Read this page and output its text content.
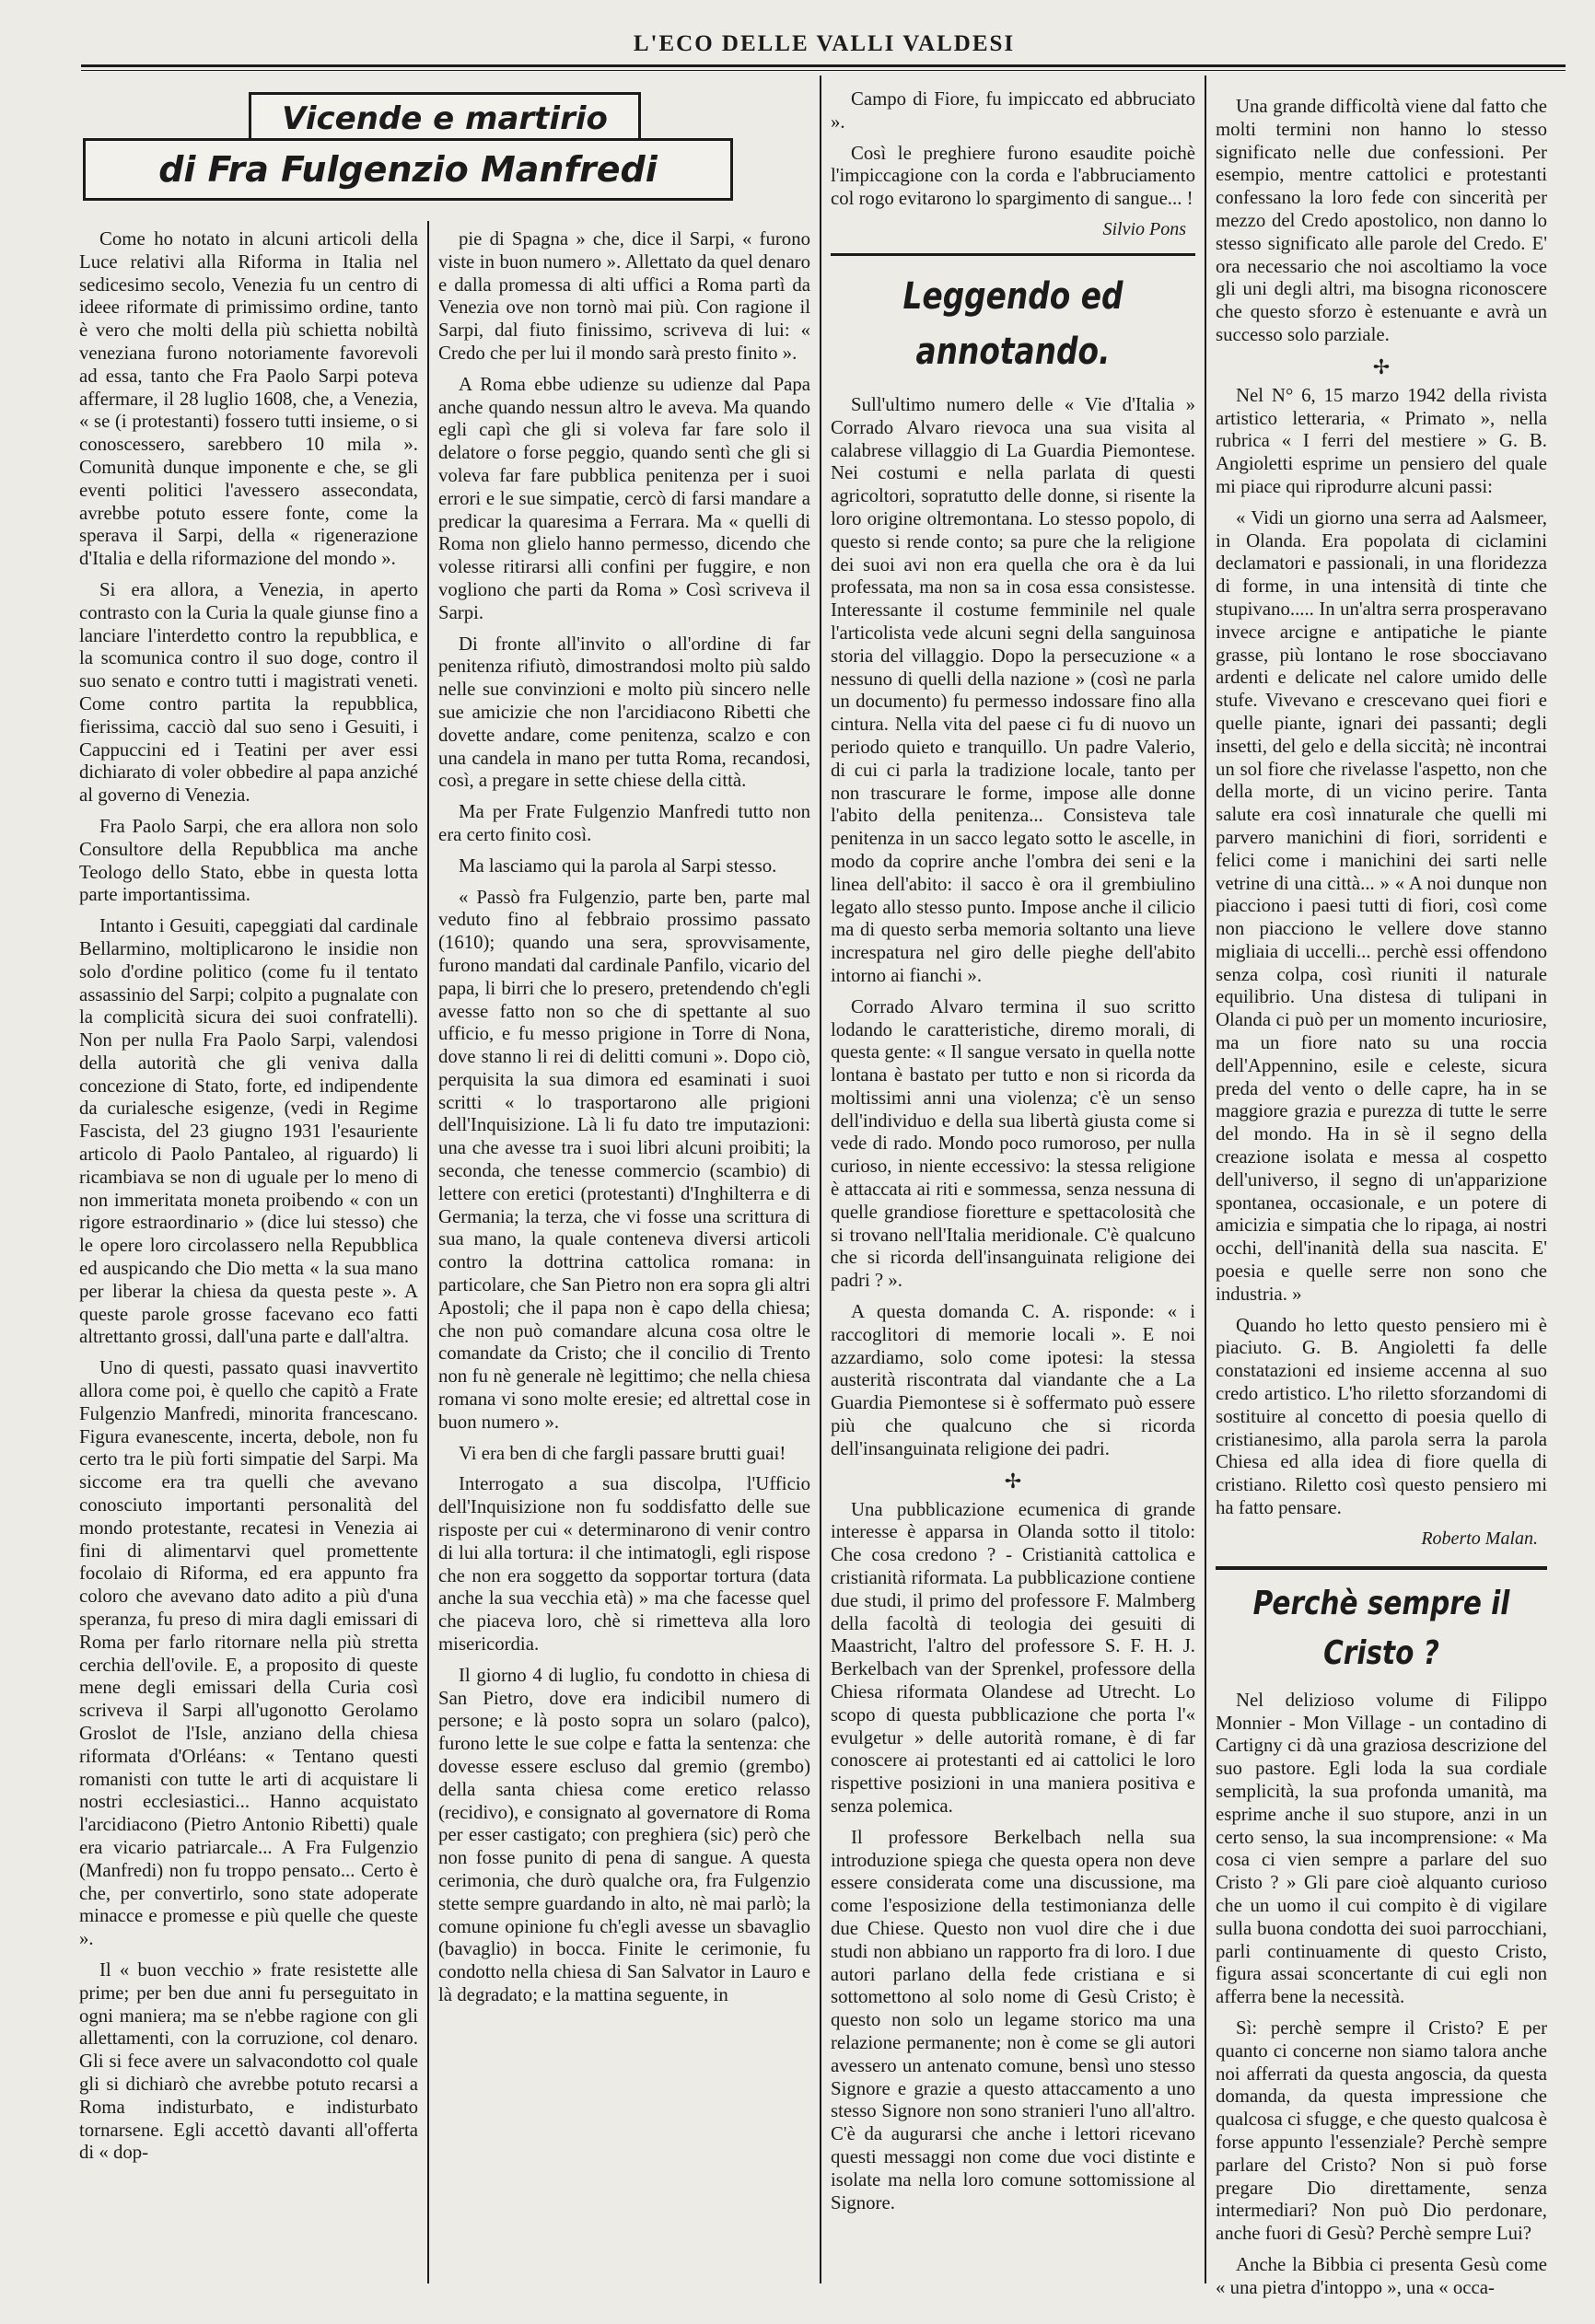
L'ECO DELLE VALLI VALDESI
Vicende e martirio
di Fra Fulgenzio Manfredi

Come ho notato in alcuni articoli della Luce relativi alla Riforma in Italia nel sedicesimo secolo, Venezia fu un centro di ideee riformate di primissimo ordine, tanto è vero che molti della più schietta nobiltà veneziana furono notoriamente favorevoli ad essa, tanto che Fra Paolo Sarpi poteva affermare, il 28 luglio 1608, che, a Venezia, « se (i protestanti) fossero tutti insieme, o si conoscessero, sarebbero 10 mila ». Comunità dunque imponente e che, se gli eventi politici l'avessero assecondata, avrebbe potuto essere fonte, come la sperava il Sarpi, della « rigenerazione d'Italia e della riformazione del mondo ».

Si era allora, a Venezia, in aperto contrasto con la Curia la quale giunse fino a lanciare l'interdetto contro la repubblica, e la scomunica contro il suo doge, contro il suo senato e contro tutti i magistrati veneti. Come contro partita la repubblica, fierissima, cacciò dal suo seno i Gesuiti, i Cappuccini ed i Teatini per aver essi dichiarato di voler obbedire al papa anziché al governo di Venezia.

Fra Paolo Sarpi, che era allora non solo Consultore della Repubblica ma anche Teologo dello Stato, ebbe in questa lotta parte importantissima.

Intanto i Gesuiti, capeggiati dal cardinale Bellarmino, moltiplicarono le insidie non solo d'ordine politico (come fu il tentato assassinio del Sarpi; colpito a pugnalate con la complicità sicura dei suoi confratelli). Non per nulla Fra Paolo Sarpi, valendosi della autorità che gli veniva dalla concezione di Stato, forte, ed indipendente da curialesche esigenze, (vedi in Regime Fascista, del 23 giugno 1931 l'esauriente articolo di Paolo Pantaleo, al riguardo) li ricambiava se non di uguale per lo meno di non immeritata moneta proibendo « con un rigore estraordinario » (dice lui stesso) che le opere loro circolassero nella Repubblica ed auspicando che Dio metta « la sua mano per liberar la chiesa da questa peste ». A queste parole grosse facevano eco fatti altrettanto grossi, dall'una parte e dall'altra.

Uno di questi, passato quasi inavvertito allora come poi, è quello che capitò a Frate Fulgenzio Manfredi, minorita francescano. Figura evanescente, incerta, debole, non fu certo tra le più forti simpatie del Sarpi. Ma siccome era tra quelli che avevano conosciuto importanti personalità del mondo protestante, recatesi in Venezia ai fini di alimentarvi quel promettente focolaio di Riforma, ed era appunto fra coloro che avevano dato adito a più d'una speranza, fu preso di mira dagli emissari di Roma per farlo ritornare nella più stretta cerchia dell'ovile. E, a proposito di queste mene degli emissari della Curia così scriveva il Sarpi all'ugonotto Gerolamo Groslot de l'Isle, anziano della chiesa riformata d'Orléans: « Tentano questi romanisti con tutte le arti di acquistare li nostri ecclesiastici... Hanno acquistato l'arcidiacono (Pietro Antonio Ribetti) quale era vicario patriarcale... A Fra Fulgenzio (Manfredi) non fu troppo pensato... Certo è che, per convertirlo, sono state adoperate minacce e promesse e più quelle che queste ».

Il « buon vecchio » frate resistette alle prime; per ben due anni fu perseguitato in ogni maniera; ma se n'ebbe ragione con gli allettamenti, con la corruzione, col denaro. Gli si fece avere un salvacondotto col quale gli si dichiarò che avrebbe potuto recarsi a Roma indisturbato, e indisturbato tornarsene. Egli accettò davanti all'offerta di « dop-

pie di Spagna » che, dice il Sarpi, « furono viste in buon numero ». Allettato da quel denaro e dalla promessa di alti uffici a Roma partì da Venezia ove non tornò mai più. Con ragione il Sarpi, dal fiuto finissimo, scriveva di lui: « Credo che per lui il mondo sarà presto finito ».

A Roma ebbe udienze su udienze dal Papa anche quando nessun altro le aveva. Ma quando egli capì che gli si voleva far fare solo il delatore o forse peggio, quando sentì che gli si voleva far fare pubblica penitenza per i suoi errori e le sue simpatie, cercò di farsi mandare a predicar la quaresima a Ferrara. Ma « quelli di Roma non glielo hanno permesso, dicendo che volesse ritirarsi alli confini per fuggire, e non vogliono che parti da Roma » Così scriveva il Sarpi.

Di fronte all'invito o all'ordine di far penitenza rifiutò, dimostrandosi molto più saldo nelle sue convinzioni e molto più sincero nelle sue amicizie che non l'arcidiacono Ribetti che dovette andare, come penitenza, scalzo e con una candela in mano per tutta Roma, recandosi, così, a pregare in sette chiese della città.

Ma per Frate Fulgenzio Manfredi tutto non era certo finito così.

Ma lasciamo qui la parola al Sarpi stesso.

« Passò fra Fulgenzio, parte ben, parte mal veduto fino al febbraio prossimo passato (1610); quando una sera, sprovvisamente, furono mandati dal cardinale Panfilo, vicario del papa, li birri che lo presero, pretendendo ch'egli avesse fatto non so che di spettante al suo ufficio, e fu messo prigione in Torre di Nona, dove stanno li rei di delitti comuni ». Dopo ciò, perquisita la sua dimora ed esaminati i suoi scritti « lo trasportarono alle prigioni dell'Inquisizione. Là li fu dato tre imputazioni: una che avesse tra i suoi libri alcuni proibiti; la seconda, che tenesse commercio (scambio) di lettere con eretici (protestanti) d'Inghilterra e di Germania; la terza, che vi fosse una scrittura di sua mano, la quale conteneva diversi articoli contro la dottrina cattolica romana: in particolare, che San Pietro non era sopra gli altri Apostoli; che il papa non è capo della chiesa; che non può comandare alcuna cosa oltre le comandate da Cristo; che il concilio di Trento non fu nè generale nè legittimo; che nella chiesa romana vi sono molte eresie; ed altrettal cose in buon numero ».

Vi era ben di che fargli passare brutti guai!

Interrogato a sua discolpa, l'Ufficio dell'Inquisizione non fu soddisfatto delle sue risposte per cui « determinarono di venir contro di lui alla tortura: il che intimatogli, egli rispose che non era soggetto da sopportar tortura (data anche la sua vecchia età) » ma che facesse quel che piaceva loro, chè si rimetteva alla loro misericordia.

Il giorno 4 di luglio, fu condotto in chiesa di San Pietro, dove era indicibil numero di persone; e là posto sopra un solaro (palco), furono lette le sue colpe e fatta la sentenza: che dovesse essere escluso dal gremio (grembo) della santa chiesa come eretico relasso (recidivo), e consignato al governatore di Roma per esser castigato; con preghiera (sic) però che non fosse punito di pena di sangue. A questa cerimonia, che durò qualche ora, fra Fulgenzio stette sempre guardando in alto, nè mai parlò; la comune opinione fu ch'egli avesse un sbavaglio (bavaglio) in bocca. Finite le cerimonie, fu condotto nella chiesa di San Salvator in Lauro e là degradato; e la mattina seguente, in

Campo di Fiore, fu impiccato ed abbruciato ».

Così le preghiere furono esaudite poichè l'impiccagione con la corda e l'abbruciamento col rogo evitarono lo spargimento di sangue... !

Silvio Pons
Leggendo ed annotando.

Sull'ultimo numero delle « Vie d'Italia » Corrado Alvaro rievoca una sua visita al calabrese villaggio di La Guardia Piemontese. Nei costumi e nella parlata di questi agricoltori, sopratutto delle donne, si risente la loro origine oltremontana. Lo stesso popolo, di questo si rende conto; sa pure che la religione dei suoi avi non era quella che ora è da lui professata, ma non sa in cosa essa consistesse. Interessante il costume femminile nel quale l'articolista vede alcuni segni della sanguinosa storia del villaggio. Dopo la persecuzione « a nessuno di quelli della nazione » (così ne parla un documento) fu permesso indossare fino alla cintura. Nella vita del paese ci fu di nuovo un periodo quieto e tranquillo. Un padre Valerio, di cui ci parla la tradizione locale, tanto per non trascurare le forme, impose alle donne l'abito della penitenza... Consisteva tale penitenza in un sacco legato sotto le ascelle, in modo da coprire anche l'ombra dei seni e la linea dell'abito: il sacco è ora il grembiulino legato allo stesso punto. Impose anche il cilicio ma di questo serba memoria soltanto una lieve increspatura nel giro delle pieghe dell'abito intorno ai fianchi ».

Corrado Alvaro termina il suo scritto lodando le caratteristiche, diremo morali, di questa gente: « Il sangue versato in quella notte lontana è bastato per tutto e non si ricorda da moltissimi anni una violenza; c'è un senso dell'individuo e della sua libertà giusta come si vede di rado. Mondo poco rumoroso, per nulla curioso, in niente eccessivo: la stessa religione è attaccata ai riti e sommessa, senza nessuna di quelle grandiose fioretture e spettacolosità che si trovano nell'Italia meridionale. C'è qualcuno che si ricorda dell'insanguinata religione dei padri ? ».

A questa domanda C. A. risponde: « i raccoglitori di memorie locali ». E noi azzardiamo, solo come ipotesi: la stessa austerità riscontrata dal viandante che a La Guardia Piemontese si è soffermato può essere più che qualcuno che si ricorda dell'insanguinata religione dei padri.

✢

Una pubblicazione ecumenica di grande interesse è apparsa in Olanda sotto il titolo: Che cosa credono ? - Cristianità cattolica e cristianità riformata. La pubblicazione contiene due studi, il primo del professore F. Malmberg della facoltà di teologia dei gesuiti di Maastricht, l'altro del professore S. F. H. J. Berkelbach van der Sprenkel, professore della Chiesa riformata Olandese ad Utrecht. Lo scopo di questa pubblicazione che porta l'« evulgetur » delle autorità romane, è di far conoscere ai protestanti ed ai cattolici le loro rispettive posizioni in una maniera positiva e senza polemica.

Il professore Berkelbach nella sua introduzione spiega che questa opera non deve essere considerata come una discussione, ma come l'esposizione della testimonianza delle due Chiese. Questo non vuol dire che i due studi non abbiano un rapporto fra di loro. I due autori parlano della fede cristiana e si sottomettono al solo nome di Gesù Cristo; è questo non solo un legame storico ma una relazione permanente; non è come se gli autori avessero un antenato comune, bensì uno stesso Signore e grazie a questo attaccamento a uno stesso Signore non sono stranieri l'uno all'altro. C'è da augurarsi che anche i lettori ricevano questi messaggi non come due voci distinte e isolate ma nella loro comune sottomissione al Signore.

Una grande difficoltà viene dal fatto che molti termini non hanno lo stesso significato nelle due confessioni. Per esempio, mentre cattolici e protestanti confessano la loro fede con sincerità per mezzo del Credo apostolico, non danno lo stesso significato alle parole del Credo. E' ora necessario che noi ascoltiamo la voce gli uni degli altri, ma bisogna riconoscere che questo sforzo è estenuante e avrà un successo solo parziale.

✢

Nel N° 6, 15 marzo 1942 della rivista artistico letteraria, « Primato », nella rubrica « I ferri del mestiere » G. B. Angioletti esprime un pensiero del quale mi piace qui riprodurre alcuni passi:

« Vidi un giorno una serra ad Aalsmeer, in Olanda. Era popolata di ciclamini declamatori e passionali, in una floridezza di forme, in una intensità di tinte che stupivano..... In un'altra serra prosperavano invece arcigne e antipatiche le piante grasse, più lontano le rose sbocciavano ardenti e delicate nel calore umido delle stufe. Vivevano e crescevano quei fiori e quelle piante, ignari dei passanti; degli insetti, del gelo e della siccità; nè incontrai un sol fiore che rivelasse l'aspetto, non che della morte, di un vicino perire. Tanta salute era così innaturale che quelli mi parvero manichini di fiori, sorridenti e felici come i manichini dei sarti nelle vetrine di una città... » « A noi dunque non piacciono i paesi tutti di fiori, così come non piacciono le vellere dove stanno migliaia di uccelli... perchè essi offendono senza colpa, così riuniti il naturale equilibrio. Una distesa di tulipani in Olanda ci può per un momento incuriosire, ma un fiore nato su una roccia dell'Appennino, esile e celeste, sicura preda del vento o delle capre, ha in se maggiore grazia e purezza di tutte le serre del mondo. Ha in sè il segno della creazione isolata e messa al cospetto dell'universo, il segno di un'apparizione spontanea, occasionale, e un potere di amicizia e simpatia che lo ripaga, ai nostri occhi, dell'inanità della sua nascita. E' poesia e quelle serre non sono che industria. »

Quando ho letto questo pensiero mi è piaciuto. G. B. Angioletti fa delle constatazioni ed insieme accenna al suo credo artistico. L'ho riletto sforzandomi di sostituire al concetto di poesia quello di cristianesimo, alla parola serra la parola Chiesa ed alla idea di fiore quella di cristiano. Riletto così questo pensiero mi ha fatto pensare.

Roberto Malan.
Perchè sempre il Cristo ?

Nel delizioso volume di Filippo Monnier - Mon Village - un contadino di Cartigny ci dà una graziosa descrizione del suo pastore. Egli loda la sua cordiale semplicità, la sua profonda umanità, ma esprime anche il suo stupore, anzi in un certo senso, la sua incomprensione: « Ma cosa ci vien sempre a parlare del suo Cristo ? » Gli pare cioè alquanto curioso che un uomo il cui compito è di vigilare sulla buona condotta dei suoi parrocchiani, parli continuamente di questo Cristo, figura assai sconcertante di cui egli non afferra bene la necessità.

Sì: perchè sempre il Cristo? E per quanto ci concerne non siamo talora anche noi afferrati da questa angoscia, da questa domanda, da questa impressione che qualcosa ci sfugge, e che questo qualcosa è forse appunto l'essenziale? Perchè sempre parlare del Cristo? Non si può forse pregare Dio direttamente, senza intermediari? Non può Dio perdonare, anche fuori di Gesù? Perchè sempre Lui?

Anche la Bibbia ci presenta Gesù come « una pietra d'intoppo », una « occa-
